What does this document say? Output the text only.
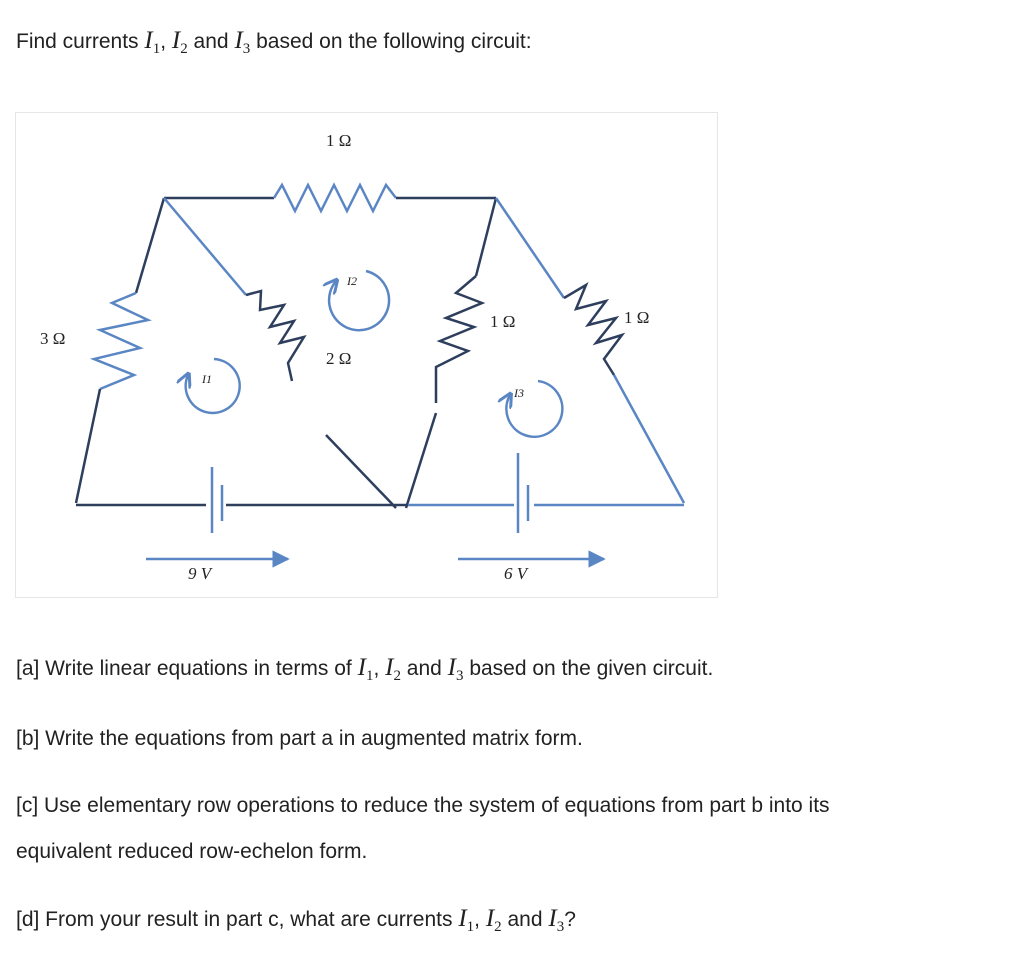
Find currents $I_1$, $I_2$ and $I_3$ based on the following circuit:
1 Ω
3 Ω
2 Ω
1 Ω	1 Ω
9 V	6 V
I1
I2
I3
[a] Write linear equations in terms of $I_1$, $I_2$ and $I_3$ based on the given circuit.
[b] Write the equations from part a in augmented matrix form.
[c] Use elementary row operations to reduce the system of equations from part b into its
equivalent reduced row-echelon form.
[d] From your result in part c, what are currents $I_1$, $I_2$ and $I_3$?
